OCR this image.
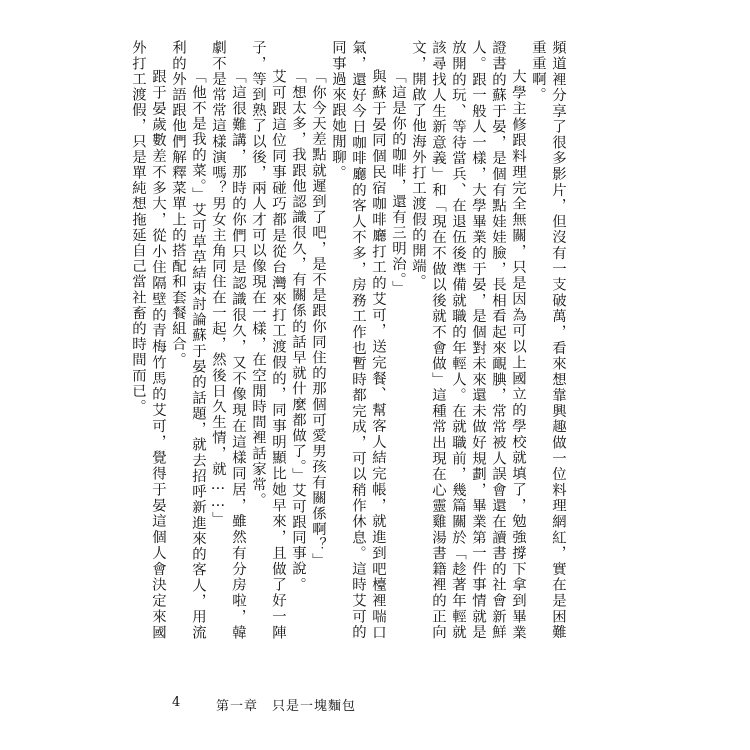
頻道裡分享了很多影片，但沒有一支破萬，看來想靠興趣做一位料理網紅，實在是困難重重啊。

大學主修跟料理完全無關，只是因為可以上國立的學校就填了，勉強撐下拿到畢業證書的蘇于晏，是個有點娃娃臉，長相看起來靦腆，常常被人誤會還在讀書的社會新鮮人。跟一般人一樣，大學畢業的于晏，是個對未來還未做好規劃，畢業第一件事情就是放開的玩、等待當兵、在退伍後準備就職的年輕人。在就職前，幾篇關於「趁著年輕就該尋找人生新意義」和「現在不做以後就不會做」這種常出現在心靈雞湯書籍裡的正向文，開啟了他海外打工渡假的開端。

「這是你的咖啡，還有三明治。」

與蘇于晏同個民宿咖啡廳打工的艾可，送完餐、幫客人結完帳，就進到吧檯裡喘口氣，還好今日咖啡廳的客人不多，房務工作也暫時都完成，可以稍作休息。這時艾可的同事過來跟她閒聊。

「你今天差點就遲到了吧，是不是跟你同住的那個可愛男孩有關係啊？」

「想太多，我跟他認識很久，有關係的話早就什麼都做了。」艾可跟同事說。

艾可跟這位同事碰巧都是從台灣來打工渡假的，同事明顯比她早來，且做了好一陣子，等到熟了以後，兩人才可以像現在一樣，在空閒時間裡話家常。

「這很難講，那時的你們只是認識很久，又不像現在這樣同居，雖然有分房啦，韓劇不是常常這樣演嗎？男女主角同住在一起，然後日久生情，就……」

「他不是我的菜。」艾可草草結束討論蘇于晏的話題，就去招呼新進來的客人，用流利的外語跟他們解釋菜單上的搭配和套餐組合。

跟于晏歲數差不多大，從小住隔壁的青梅竹馬的艾可，覺得于晏這個人會決定來國外打工渡假，只是單純想拖延自己當社畜的時間而已。

4	第一章　只是一塊麵包
